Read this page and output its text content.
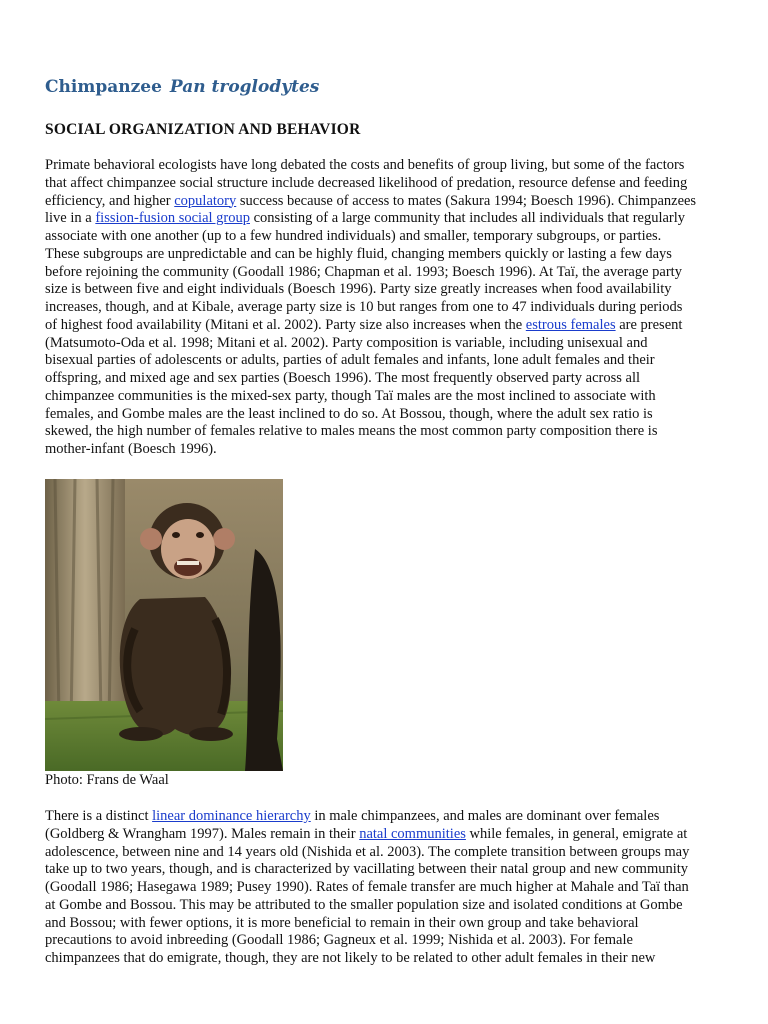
Chimpanzee Pan troglodytes
SOCIAL ORGANIZATION AND BEHAVIOR

Primate behavioral ecologists have long debated the costs and benefits of group living, but some of the factors
that affect chimpanzee social structure include decreased likelihood of predation, resource defense and feeding
efficiency, and higher copulatory success because of access to mates (Sakura 1994; Boesch 1996). Chimpanzees
live in a fission-fusion social group consisting of a large community that includes all individuals that regularly
associate with one another (up to a few hundred individuals) and smaller, temporary subgroups, or parties.
These subgroups are unpredictable and can be highly fluid, changing members quickly or lasting a few days
before rejoining the community (Goodall 1986; Chapman et al. 1993; Boesch 1996). At Taï, the average party
size is between five and eight individuals (Boesch 1996). Party size greatly increases when food availability
increases, though, and at Kibale, average party size is 10 but ranges from one to 47 individuals during periods
of highest food availability (Mitani et al. 2002). Party size also increases when the estrous females are present
(Matsumoto-Oda et al. 1998; Mitani et al. 2002). Party composition is variable, including unisexual and
bisexual parties of adolescents or adults, parties of adult females and infants, lone adult females and their
offspring, and mixed age and sex parties (Boesch 1996). The most frequently observed party across all
chimpanzee communities is the mixed-sex party, though Taï males are the most inclined to associate with
females, and Gombe males are the least inclined to do so. At Bossou, though, where the adult sex ratio is
skewed, the high number of females relative to males means the most common party composition there is
mother-infant (Boesch 1996).

Photo: Frans de Waal

There is a distinct linear dominance hierarchy in male chimpanzees, and males are dominant over females
(Goldberg & Wrangham 1997). Males remain in their natal communities while females, in general, emigrate at
adolescence, between nine and 14 years old (Nishida et al. 2003). The complete transition between groups may
take up to two years, though, and is characterized by vacillating between their natal group and new community
(Goodall 1986; Hasegawa 1989; Pusey 1990). Rates of female transfer are much higher at Mahale and Taï than
at Gombe and Bossou. This may be attributed to the smaller population size and isolated conditions at Gombe
and Bossou; with fewer options, it is more beneficial to remain in their own group and take behavioral
precautions to avoid inbreeding (Goodall 1986; Gagneux et al. 1999; Nishida et al. 2003). For female
chimpanzees that do emigrate, though, they are not likely to be related to other adult females in their new
